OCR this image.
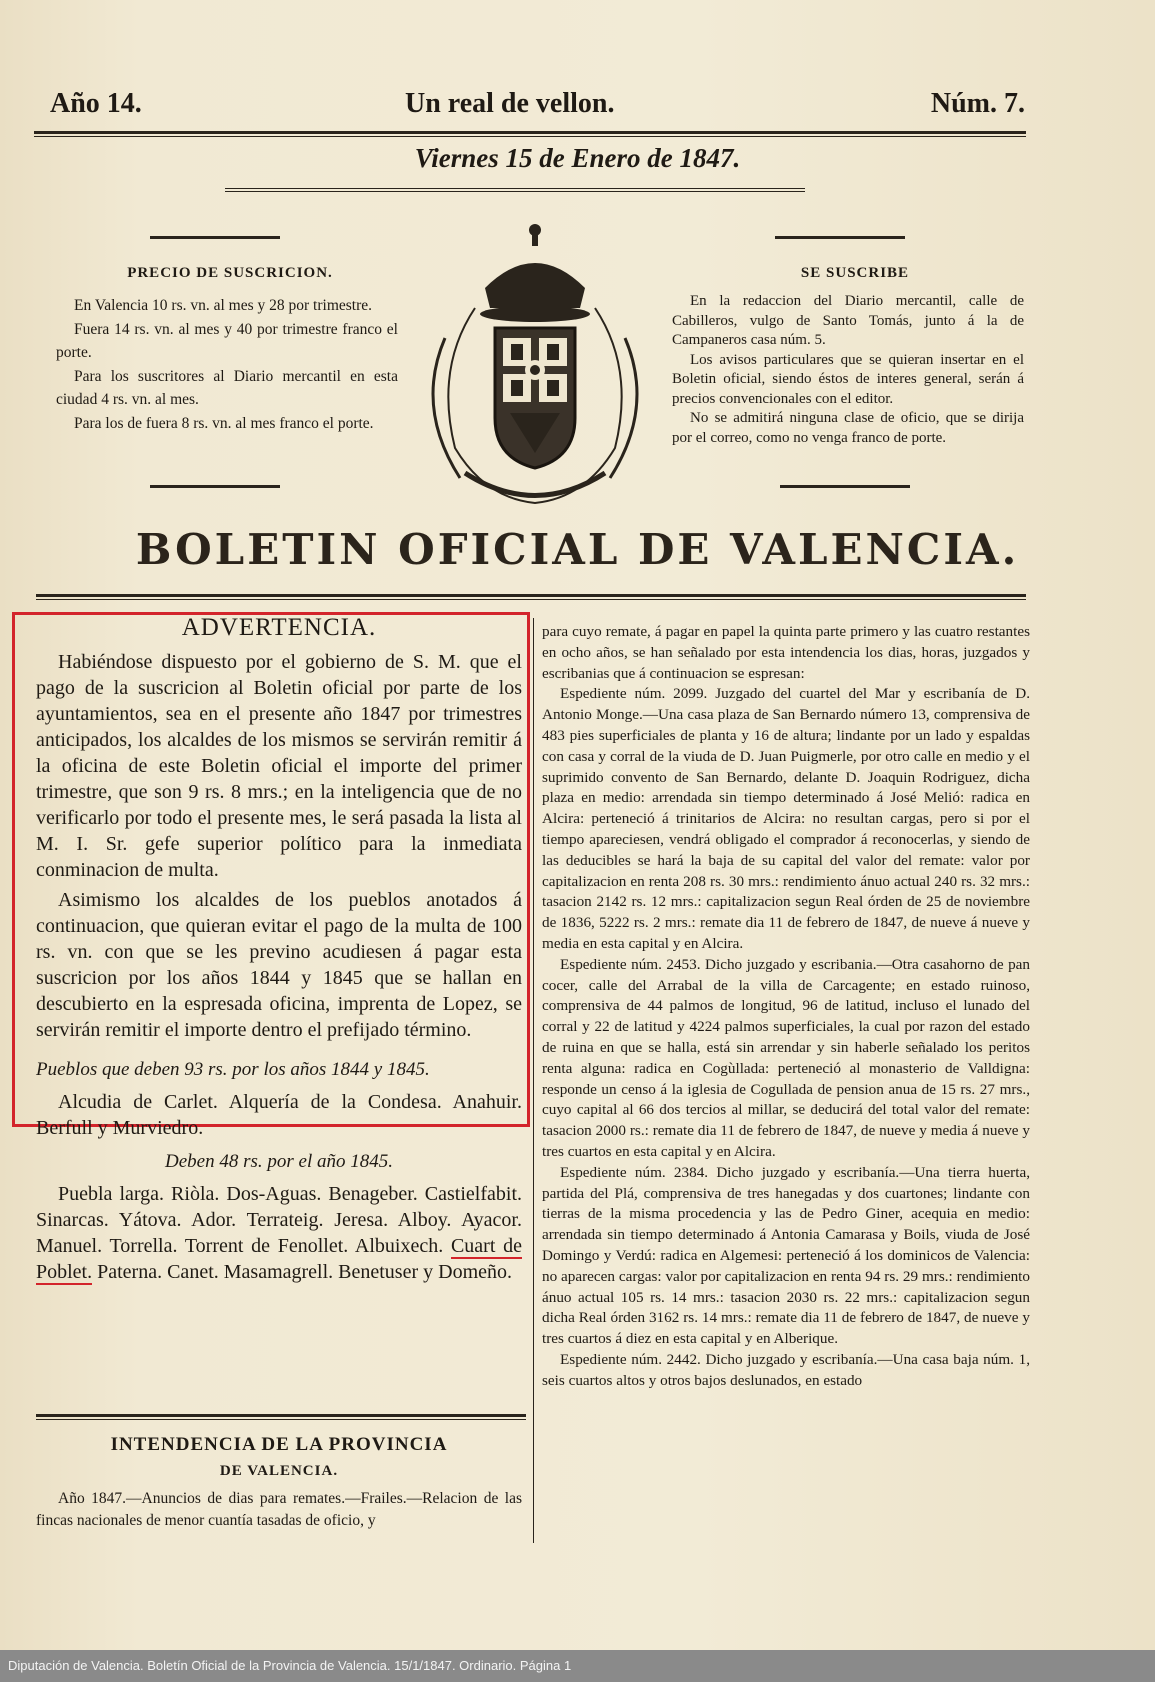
Año 14.	Un real de vellon.	Núm. 7.
Viernes 15 de Enero de 1847.
PRECIO DE SUSCRICION.

En Valencia 10 rs. vn. al mes y 28 por trimestre.

Fuera 14 rs. vn. al mes y 40 por trimestre franco el porte.

Para los suscritores al Diario mercantil en esta ciudad 4 rs. vn. al mes.

Para los de fuera 8 rs. vn. al mes franco el porte.

SE SUSCRIBE

En la redaccion del Diario mercantil, calle de Cabilleros, vulgo de Santo Tomás, junto á la de Campaneros casa núm. 5.

Los avisos particulares que se quieran insertar en el Boletin oficial, siendo éstos de interes general, serán á precios convencionales con el editor.

No se admitirá ninguna clase de oficio, que se dirija por el correo, como no venga franco de porte.

BOLETIN OFICIAL DE VALENCIA.

ADVERTENCIA.

Habiéndose dispuesto por el gobierno de S. M. que el pago de la suscricion al Boletin oficial por parte de los ayuntamientos, sea en el presente año 1847 por trimestres anticipados, los alcaldes de los mismos se servirán remitir á la oficina de este Boletin oficial el importe del primer trimestre, que son 9 rs. 8 mrs.; en la inteligencia que de no verificarlo por todo el presente mes, le será pasada la lista al M. I. Sr. gefe superior político para la inmediata conminacion de multa.

Asimismo los alcaldes de los pueblos anotados á continuacion, que quieran evitar el pago de la multa de 100 rs. vn. con que se les previno acudiesen á pagar esta suscricion por los años 1844 y 1845 que se hallan en descubierto en la espresada oficina, imprenta de Lopez, se servirán remitir el importe dentro el prefijado término.

Pueblos que deben 93 rs. por los años 1844 y 1845.

Alcudia de Carlet. Alquería de la Condesa. Anahuir. Berfull y Murviedro.

Deben 48 rs. por el año 1845.

Puebla larga. Riòla. Dos-Aguas. Benageber. Castielfabit. Sinarcas. Yátova. Ador. Terrateig. Jeresa. Alboy. Ayacor. Manuel. Torrella. Torrent de Fenollet. Albuixech. Cuart de Poblet. Paterna. Canet. Masamagrell. Benetuser y Domeño.

INTENDENCIA DE LA PROVINCIA
DE VALENCIA.

Año 1847.—Anuncios de dias para remates.—Frailes.—Relacion de las fincas nacionales de menor cuantía tasadas de oficio, y

para cuyo remate, á pagar en papel la quinta parte primero y las cuatro restantes en ocho años, se han señalado por esta intendencia los dias, horas, juzgados y escribanias que á continuacion se espresan:

Espediente núm. 2099. Juzgado del cuartel del Mar y escribanía de D. Antonio Monge.—Una casa plaza de San Bernardo número 13, comprensiva de 483 pies superficiales de planta y 16 de altura; lindante por un lado y espaldas con casa y corral de la viuda de D. Juan Puigmerle, por otro calle en medio y el suprimido convento de San Bernardo, delante D. Joaquin Rodriguez, dicha plaza en medio: arrendada sin tiempo determinado á José Melió: radica en Alcira: perteneció á trinitarios de Alcira: no resultan cargas, pero si por el tiempo apareciesen, vendrá obligado el comprador á reconocerlas, y siendo de las deducibles se hará la baja de su capital del valor del remate: valor por capitalizacion en renta 208 rs. 30 mrs.: rendimiento ánuo actual 240 rs. 32 mrs.: tasacion 2142 rs. 12 mrs.: capitalizacion segun Real órden de 25 de noviembre de 1836, 5222 rs. 2 mrs.: remate dia 11 de febrero de 1847, de nueve á nueve y media en esta capital y en Alcira.

Espediente núm. 2453. Dicho juzgado y escribania.—Otra casahorno de pan cocer, calle del Arrabal de la villa de Carcagente; en estado ruinoso, comprensiva de 44 palmos de longitud, 96 de latitud, incluso el lunado del corral y 22 de latitud y 4224 palmos superficiales, la cual por razon del estado de ruina en que se halla, está sin arrendar y sin haberle señalado los peritos renta alguna: radica en Cogùllada: perteneció al monasterio de Valldigna: responde un censo á la iglesia de Cogullada de pension anua de 15 rs. 27 mrs., cuyo capital al 66 dos tercios al millar, se deducirá del total valor del remate: tasacion 2000 rs.: remate dia 11 de febrero de 1847, de nueve y media á nueve y tres cuartos en esta capital y en Alcira.

Espediente núm. 2384. Dicho juzgado y escribanía.—Una tierra huerta, partida del Plá, comprensiva de tres hanegadas y dos cuartones; lindante con tierras de la misma procedencia y las de Pedro Giner, acequia en medio: arrendada sin tiempo determinado á Antonia Camarasa y Boils, viuda de José Domingo y Verdú: radica en Algemesi: perteneció á los dominicos de Valencia: no aparecen cargas: valor por capitalizacion en renta 94 rs. 29 mrs.: rendimiento ánuo actual 105 rs. 14 mrs.: tasacion 2030 rs. 22 mrs.: capitalizacion segun dicha Real órden 3162 rs. 14 mrs.: remate dia 11 de febrero de 1847, de nueve y tres cuartos á diez en esta capital y en Alberique.

Espediente núm. 2442. Dicho juzgado y escribanía.—Una casa baja núm. 1, seis cuartos altos y otros bajos deslunados, en estado

Diputación de Valencia. Boletín Oficial de la Provincia de Valencia. 15/1/1847. Ordinario. Página 1
